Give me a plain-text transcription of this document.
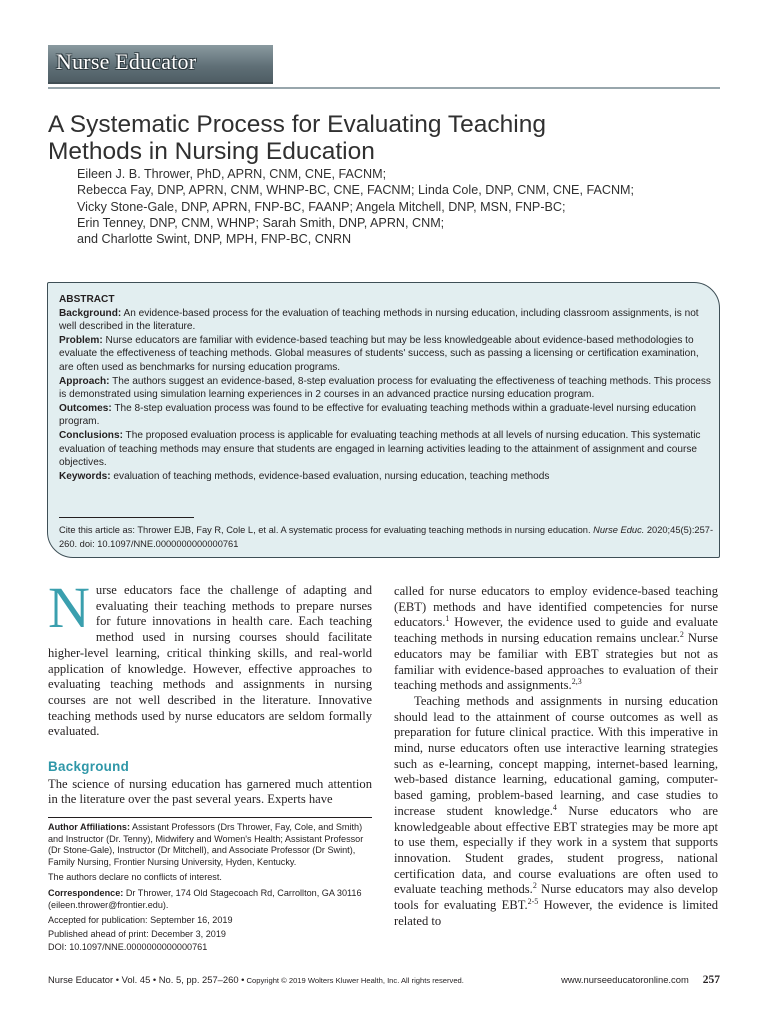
Nurse Educator
A Systematic Process for Evaluating Teaching
Methods in Nursing Education
Eileen J. B. Thrower, PhD, APRN, CNM, CNE, FACNM;
Rebecca Fay, DNP, APRN, CNM, WHNP-BC, CNE, FACNM; Linda Cole, DNP, CNM, CNE, FACNM;
Vicky Stone-Gale, DNP, APRN, FNP-BC, FAANP; Angela Mitchell, DNP, MSN, FNP-BC;
Erin Tenney, DNP, CNM, WHNP; Sarah Smith, DNP, APRN, CNM;
and Charlotte Swint, DNP, MPH, FNP-BC, CNRN

ABSTRACT

Background: An evidence-based process for the evaluation of teaching methods in nursing education, including classroom assignments, is not well described in the literature.

Problem: Nurse educators are familiar with evidence-based teaching but may be less knowledgeable about evidence-based methodologies to evaluate the effectiveness of teaching methods. Global measures of students' success, such as passing a licensing or certification examination, are often used as benchmarks for nursing education programs.

Approach: The authors suggest an evidence-based, 8-step evaluation process for evaluating the effectiveness of teaching methods. This process is demonstrated using simulation learning experiences in 2 courses in an advanced practice nursing education program.

Outcomes: The 8-step evaluation process was found to be effective for evaluating teaching methods within a graduate-level nursing education program.

Conclusions: The proposed evaluation process is applicable for evaluating teaching methods at all levels of nursing education. This systematic evaluation of teaching methods may ensure that students are engaged in learning activities leading to the attainment of assignment and course objectives.

Keywords: evaluation of teaching methods, evidence-based evaluation, nursing education, teaching methods

Cite this article as: Thrower EJB, Fay R, Cole L, et al. A systematic process for evaluating teaching methods in nursing education. Nurse Educ. 2020;45(5):257-260. doi: 10.1097/NNE.0000000000000761

Nurse educators face the challenge of adapting and evaluating their teaching methods to prepare nurses for future innovations in health care. Each teaching method used in nursing courses should facilitate higher-level learning, critical thinking skills, and real-world application of knowledge. However, effective approaches to evaluating teaching methods and assignments in nursing courses are not well described in the literature. Innovative teaching methods used by nurse educators are seldom formally evaluated.

Background

The science of nursing education has garnered much attention in the literature over the past several years. Experts have

called for nurse educators to employ evidence-based teaching (EBT) methods and have identified competencies for nurse educators.$^1$ However, the evidence used to guide and evaluate teaching methods in nursing education remains unclear.$^2$ Nurse educators may be familiar with EBT strategies but not as familiar with evidence-based approaches to evaluation of their teaching methods and assignments.$^{2,3}$

Teaching methods and assignments in nursing education should lead to the attainment of course outcomes as well as preparation for future clinical practice. With this imperative in mind, nurse educators often use interactive learning strategies such as e-learning, concept mapping, internet-based learning, web-based distance learning, educational gaming, computer-based gaming, problem-based learning, and case studies to increase student knowledge.$^4$ Nurse educators who are knowledgeable about effective EBT strategies may be more apt to use them, especially if they work in a system that supports innovation. Student grades, student progress, national certification data, and course evaluations are often used to evaluate teaching methods.$^2$ Nurse educators may also develop tools for evaluating EBT.$^{2-5}$ However, the evidence is limited related to

Author Affiliations: Assistant Professors (Drs Thrower, Fay, Cole, and Smith) and Instructor (Dr. Tenny), Midwifery and Women's Health; Assistant Professor (Dr Stone-Gale), Instructor (Dr Mitchell), and Associate Professor (Dr Swint), Family Nursing, Frontier Nursing University, Hyden, Kentucky.

The authors declare no conflicts of interest.

Correspondence: Dr Thrower, 174 Old Stagecoach Rd, Carrollton, GA 30116 (eileen.thrower@frontier.edu).

Accepted for publication: September 16, 2019

Published ahead of print: December 3, 2019

DOI: 10.1097/NNE.0000000000000761

Nurse Educator • Vol. 45 • No. 5, pp. 257–260 • Copyright © 2019 Wolters Kluwer Health, Inc. All rights reserved.	www.nurseeducatoronline.com 257
